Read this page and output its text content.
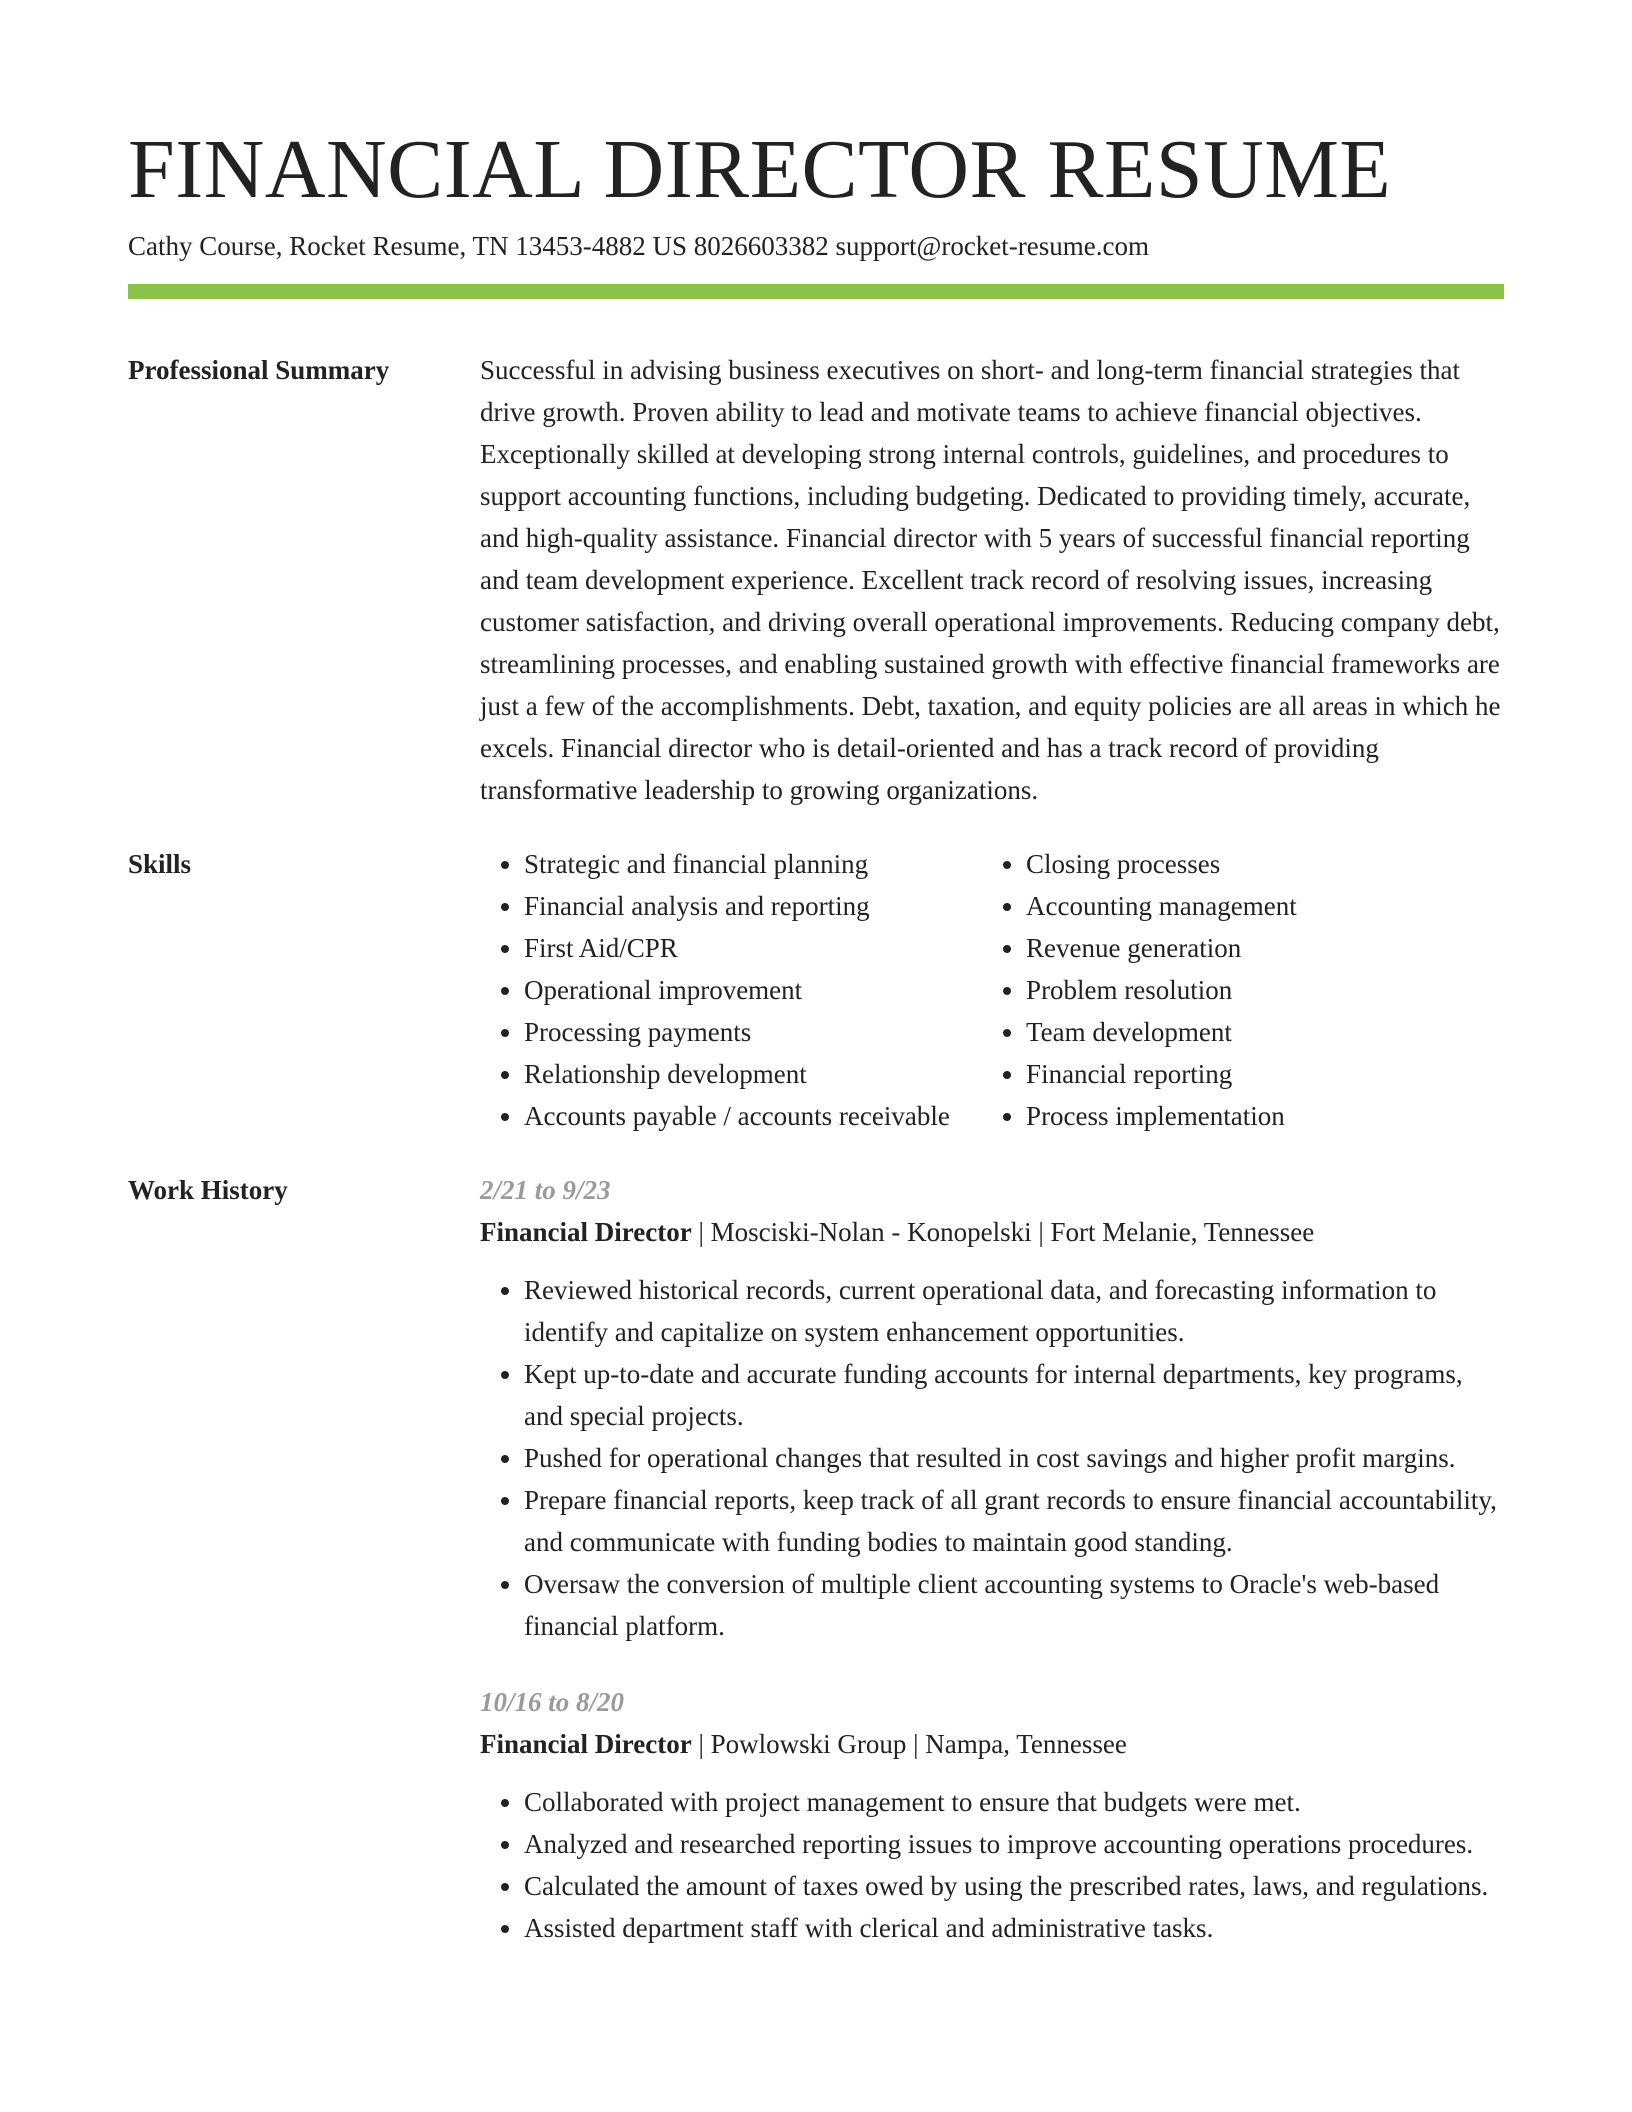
FINANCIAL DIRECTOR RESUME
Cathy Course, Rocket Resume, TN 13453-4882 US 8026603382 support@rocket-resume.com
Professional Summary	Successful in advising business executives on short- and long-term financial strategies that drive growth. Proven ability to lead and motivate teams to achieve financial objectives. Exceptionally skilled at developing strong internal controls, guidelines, and procedures to support accounting functions, including budgeting. Dedicated to providing timely, accurate, and high-quality assistance. Financial director with 5 years of successful financial reporting and team development experience. Excellent track record of resolving issues, increasing customer satisfaction, and driving overall operational improvements. Reducing company debt, streamlining processes, and enabling sustained growth with effective financial frameworks are just a few of the accomplishments. Debt, taxation, and equity policies are all areas in which he excels. Financial director who is detail-oriented and has a track record of providing transformative leadership to growing organizations.

Skills
•	Strategic and financial planning
• Financial analysis and reporting
• First Aid/CPR
• Operational improvement
• Processing payments
• Relationship development
• Accounts payable / accounts receivable
• Closing processes
• Accounting management
• Revenue generation
• Problem resolution
• Team development
• Financial reporting
• Process implementation
Work History	2/21 to 9/23
Financial Director | Mosciski-Nolan - Konopelski | Fort Melanie, Tennessee
• Reviewed historical records, current operational data, and forecasting information to identify and capitalize on system enhancement opportunities.
• Kept up-to-date and accurate funding accounts for internal departments, key programs, and special projects.
• Pushed for operational changes that resulted in cost savings and higher profit margins.
• Prepare financial reports, keep track of all grant records to ensure financial accountability, and communicate with funding bodies to maintain good standing.
• Oversaw the conversion of multiple client accounting systems to Oracle's web-based financial platform.
10/16 to 8/20
Financial Director | Powlowski Group | Nampa, Tennessee
• Collaborated with project management to ensure that budgets were met.
• Analyzed and researched reporting issues to improve accounting operations procedures.
• Calculated the amount of taxes owed by using the prescribed rates, laws, and regulations.
• Assisted department staff with clerical and administrative tasks.
